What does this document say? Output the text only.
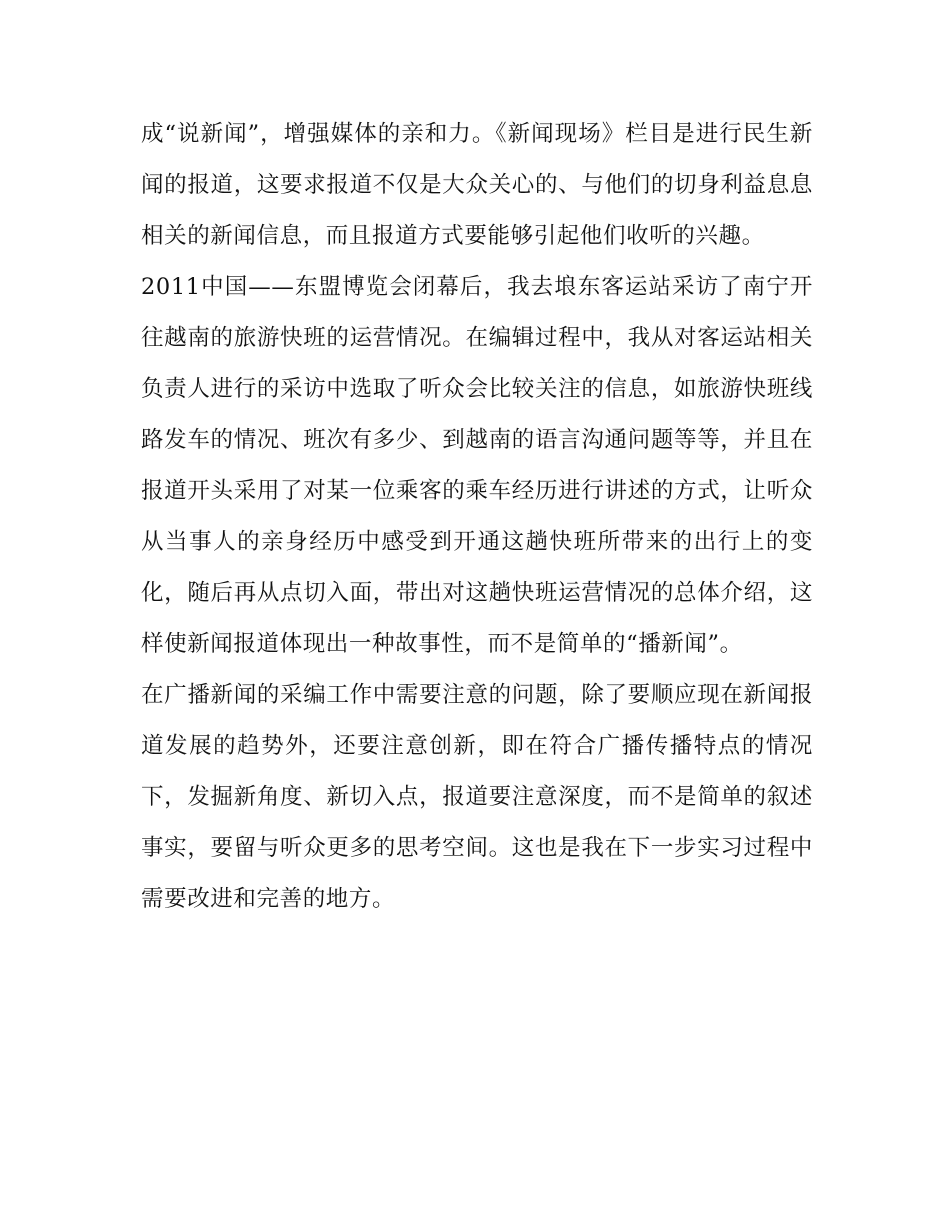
成“说新闻”，增强媒体的亲和力。《新闻现场》栏目是进行民生新闻的报道，这要求报道不仅是大众关心的、与他们的切身利益息息相关的新闻信息，而且报道方式要能够引起他们收听的兴趣。

2011中国——东盟博览会闭幕后，我去埌东客运站采访了南宁开往越南的旅游快班的运营情况。在编辑过程中，我从对客运站相关负责人进行的采访中选取了听众会比较关注的信息，如旅游快班线路发车的情况、班次有多少、到越南的语言沟通问题等等，并且在报道开头采用了对某一位乘客的乘车经历进行讲述的方式，让听众从当事人的亲身经历中感受到开通这趟快班所带来的出行上的变化，随后再从点切入面，带出对这趟快班运营情况的总体介绍，这样使新闻报道体现出一种故事性，而不是简单的“播新闻”。

在广播新闻的采编工作中需要注意的问题，除了要顺应现在新闻报道发展的趋势外，还要注意创新，即在符合广播传播特点的情况下，发掘新角度、新切入点，报道要注意深度，而不是简单的叙述事实，要留与听众更多的思考空间。这也是我在下一步实习过程中需要改进和完善的地方。
